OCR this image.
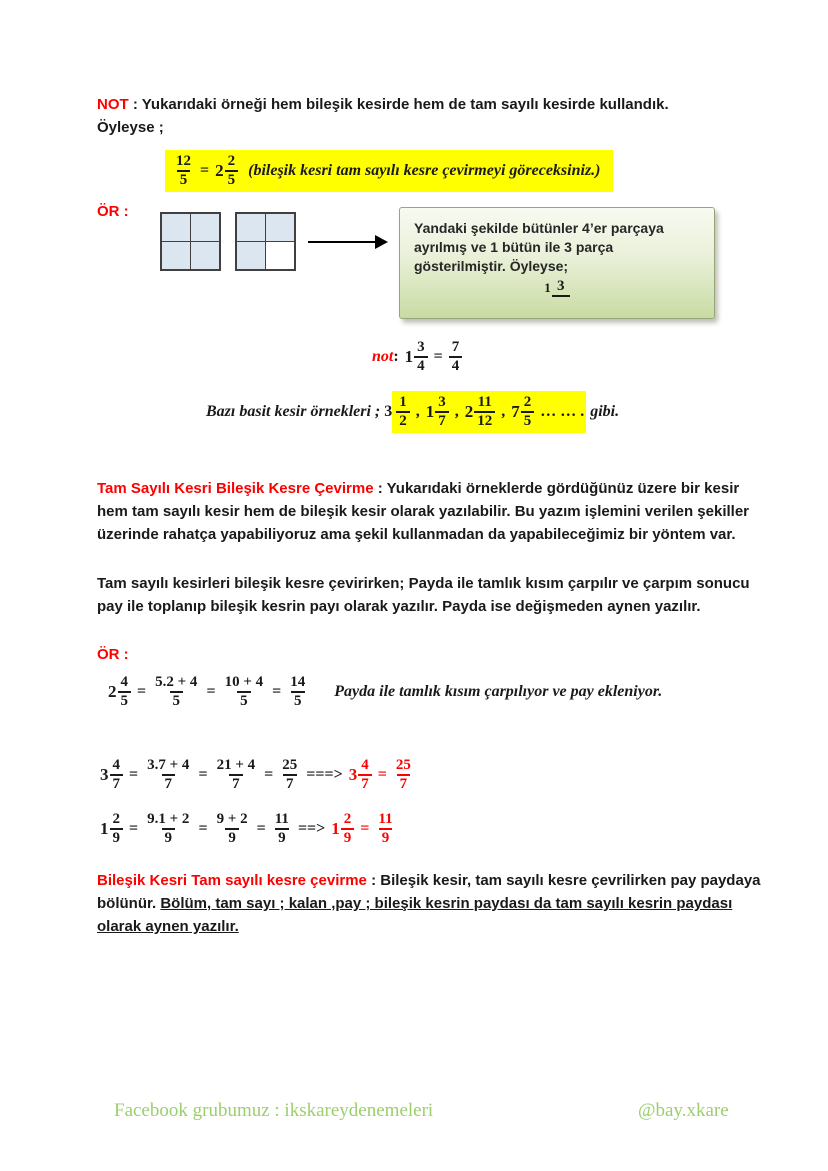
NOT : Yukarıdaki örneği hem bileşik kesirde hem de tam sayılı kesirde kullandık.
Öyleyse ;
$\frac{12}{5} = 2 \frac{2}{5}$
(bileşik kesri tam sayılı kesre çevirmeyi göreceksiniz.)
ÖR :
Yandaki şekilde bütünler 4’er parçaya ayrılmış ve 1 bütün ile 3 parça gösterilmiştir. Öyleyse;
1 3
not : $1 \frac{3}{4} = \frac{7}{4}$
Bazı basit kesir örnekleri ; $3 \frac{1}{2}$ , $1 \frac{3}{7}$ , $2 \frac{11}{12}$ , $7 \frac{2}{5}$ … … . gibi.
Tam Sayılı Kesri Bileşik Kesre Çevirme : Yukarıdaki örneklerde gördüğünüz üzere bir kesir hem tam sayılı kesir hem de bileşik kesir olarak yazılabilir. Bu yazım işlemini verilen şekiller üzerinde rahatça yapabiliyoruz ama şekil kullanmadan da yapabileceğimiz bir yöntem var.
Tam sayılı kesirleri bileşik kesre çevirirken; Payda ile tamlık kısım çarpılır ve çarpım sonucu pay ile toplanıp bileşik kesrin payı olarak yazılır. Payda ise değişmeden aynen yazılır.
ÖR :
$2 \frac{4}{5} = \frac{5.2 + 4}{5} = \frac{10 + 4}{5} = \frac{14}{5}$ Payda ile tamlık kısım çarpılıyor ve pay ekleniyor.
$3 \frac{4}{7} = \frac{3.7 + 4}{7} = \frac{21 + 4}{7} = \frac{25}{7}$ ===> $3 \frac{4}{7} = \frac{25}{7}$
$1 \frac{2}{9} = \frac{9.1 + 2}{9} = \frac{9 + 2}{9} = \frac{11}{9}$ ==> $1 \frac{2}{9} = \frac{11}{9}$
Bileşik Kesri Tam sayılı kesre çevirme : Bileşik kesir, tam sayılı kesre çevrilirken pay paydaya bölünür. Bölüm, tam sayı ; kalan ,pay ; bileşik kesrin paydası da tam sayılı kesrin paydası olarak aynen yazılır.
Facebook grubumuz : ikskareydenemeleri	@bay.xkare
